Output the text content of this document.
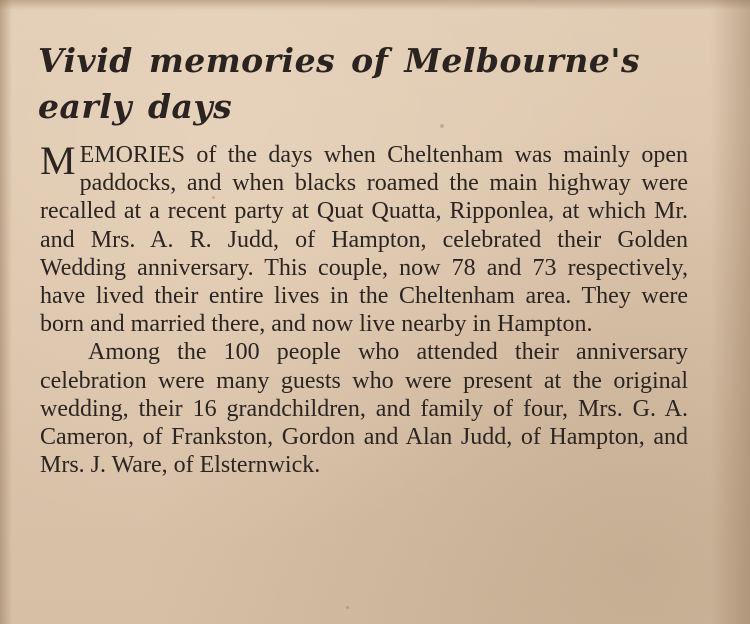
Vivid memories of Melbourne's
early days

MEMORIES of the days when Cheltenham was mainly open paddocks, and when blacks roamed the main highway were recalled at a recent party at Quat Quatta, Ripponlea, at which Mr. and Mrs. A. R. Judd, of Hampton, celebrated their Golden Wedding anniversary. This couple, now 78 and 73 respectively, have lived their entire lives in the Cheltenham area. They were born and married there, and now live nearby in Hampton.

Among the 100 people who attended their anniversary celebration were many guests who were present at the original wedding, their 16 grandchildren, and family of four, Mrs. G. A. Cameron, of Frankston, Gordon and Alan Judd, of Hampton, and Mrs. J. Ware, of Elsternwick.
